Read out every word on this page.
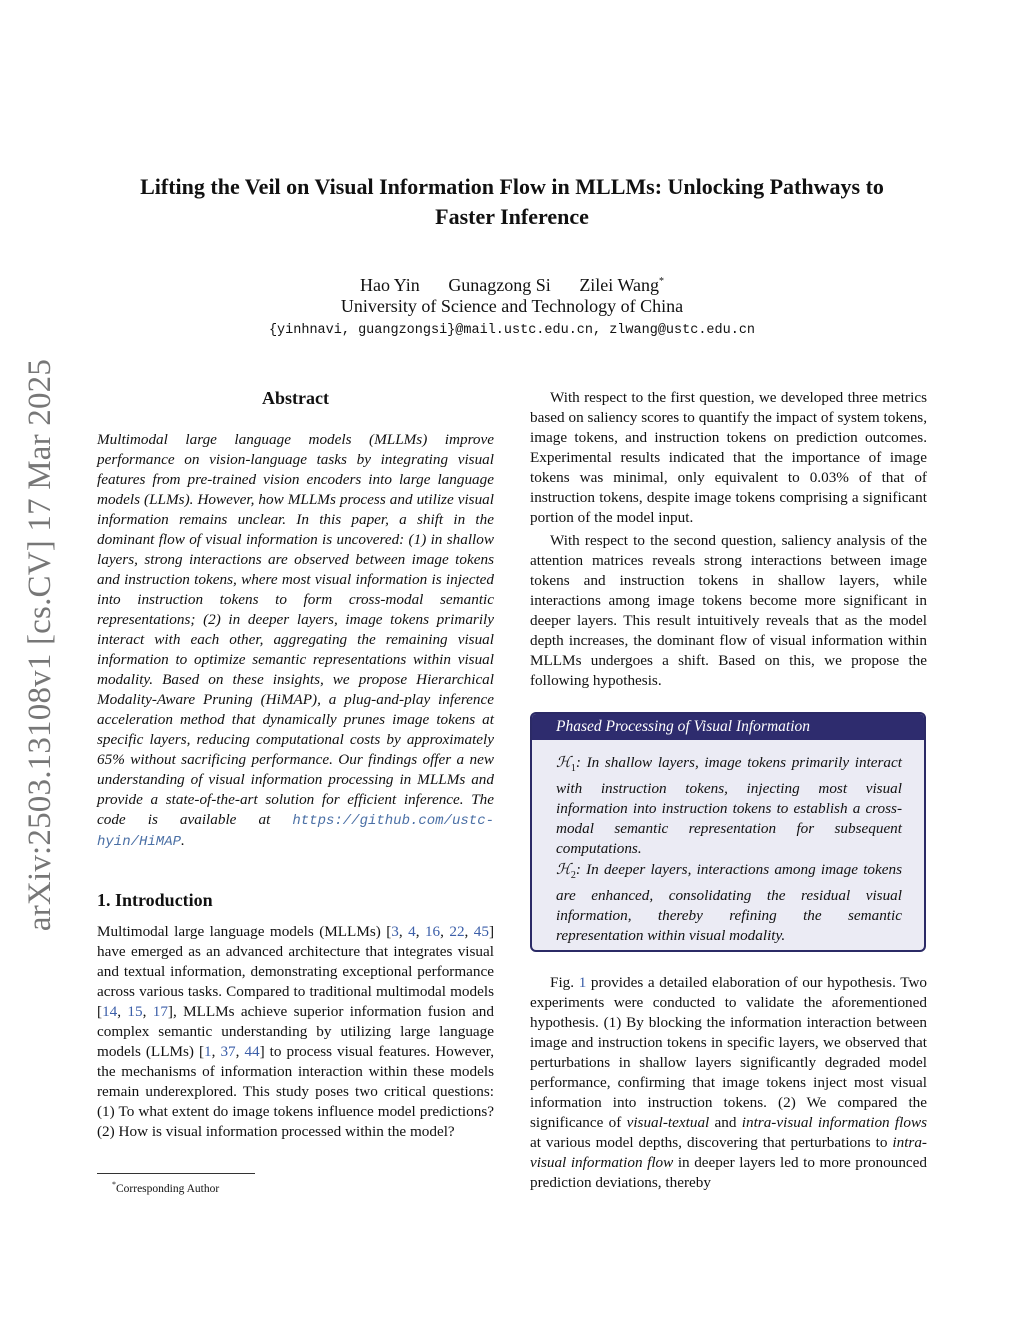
arXiv:2503.13108v1 [cs.CV] 17 Mar 2025
Lifting the Veil on Visual Information Flow in MLLMs: Unlocking Pathways to
Faster Inference
Hao Yin Gunagzong Si Zilei Wang*
University of Science and Technology of China
{yinhnavi, guangzongsi}@mail.ustc.edu.cn, zlwang@ustc.edu.cn
Abstract
Multimodal large language models (MLLMs) improve performance on vision-language tasks by integrating visual features from pre-trained vision encoders into large language models (LLMs). However, how MLLMs process and utilize visual information remains unclear. In this paper, a shift in the dominant flow of visual information is uncovered: (1) in shallow layers, strong interactions are observed between image tokens and instruction tokens, where most visual information is injected into instruction tokens to form cross-modal semantic representations; (2) in deeper layers, image tokens primarily interact with each other, aggregating the remaining visual information to optimize semantic representations within visual modality. Based on these insights, we propose Hierarchical Modality-Aware Pruning (HiMAP), a plug-and-play inference acceleration method that dynamically prunes image tokens at specific layers, reducing computational costs by approximately 65% without sacrificing performance. Our findings offer a new understanding of visual information processing in MLLMs and provide a state-of-the-art solution for efficient inference. The code is available at https://github.com/ustc-hyin/HiMAP.
1. Introduction
Multimodal large language models (MLLMs) [3, 4, 16, 22, 45] have emerged as an advanced architecture that integrates visual and textual information, demonstrating exceptional performance across various tasks. Compared to traditional multimodal models [14, 15, 17], MLLMs achieve superior information fusion and complex semantic understanding by utilizing large language models (LLMs) [1, 37, 44] to process visual features. However, the mechanisms of information interaction within these models remain underexplored. This study poses two critical questions: (1) To what extent do image tokens influence model predictions? (2) How is visual information processed within the model?
*Corresponding Author
With respect to the first question, we developed three metrics based on saliency scores to quantify the impact of system tokens, image tokens, and instruction tokens on prediction outcomes. Experimental results indicated that the importance of image tokens was minimal, only equivalent to 0.03% of that of instruction tokens, despite image tokens comprising a significant portion of the model input.
With respect to the second question, saliency analysis of the attention matrices reveals strong interactions between image tokens and instruction tokens in shallow layers, while interactions among image tokens become more significant in deeper layers. This result intuitively reveals that as the model depth increases, the dominant flow of visual information within MLLMs undergoes a shift. Based on this, we propose the following hypothesis.
Phased Processing of Visual Information
ℋ$_1$: In shallow layers, image tokens primarily interact with instruction tokens, injecting most visual information into instruction tokens to establish a cross-modal semantic representation for subsequent computations.
ℋ$_2$: In deeper layers, interactions among image tokens are enhanced, consolidating the residual visual information, thereby refining the semantic representation within visual modality.
Fig. 1 provides a detailed elaboration of our hypothesis. Two experiments were conducted to validate the aforementioned hypothesis. (1) By blocking the information interaction between image and instruction tokens in specific layers, we observed that perturbations in shallow layers significantly degraded model performance, confirming that image tokens inject most visual information into instruction tokens. (2) We compared the significance of visual-textual and intra-visual information flows at various model depths, discovering that perturbations to intra-visual information flow in deeper layers led to more pronounced prediction deviations, thereby
